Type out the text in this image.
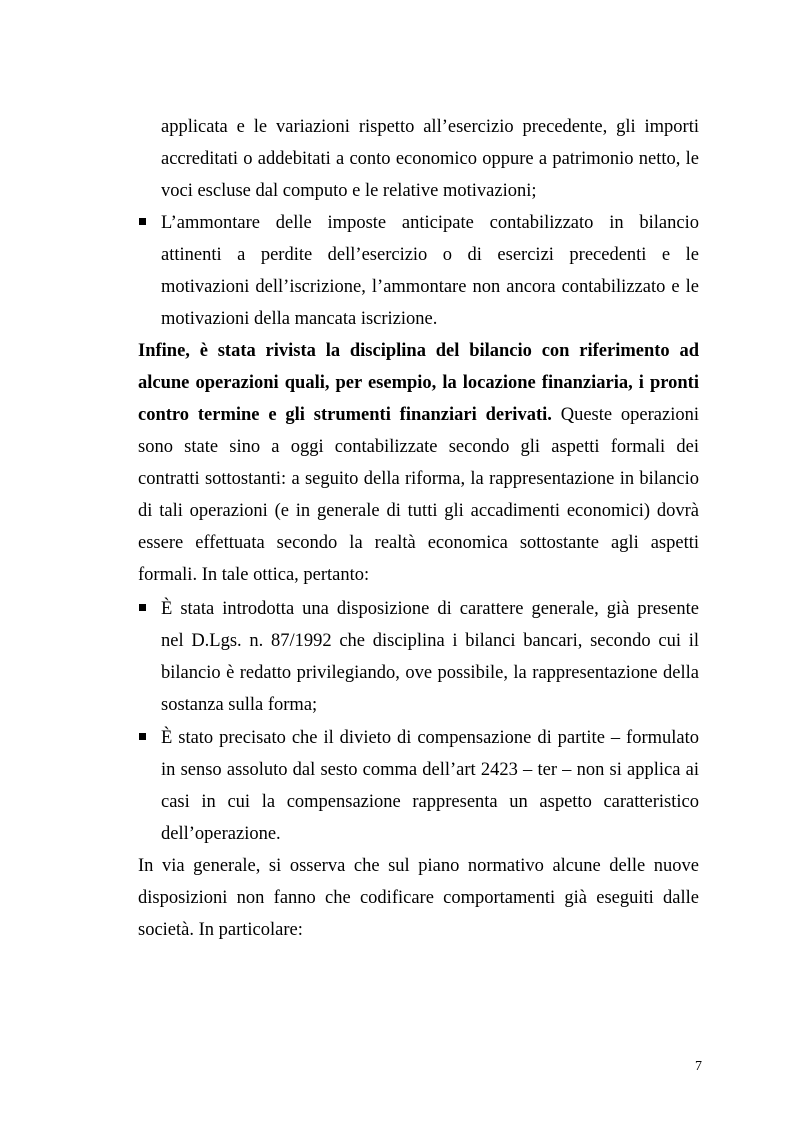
applicata e le variazioni rispetto all’esercizio precedente, gli importi
accreditati o addebitati a conto economico oppure a patrimonio netto, le
voci escluse dal computo e le relative motivazioni;
L’ammontare delle imposte anticipate contabilizzato in bilancio
attinenti a perdite dell’esercizio o di esercizi precedenti e le
motivazioni dell’iscrizione, l’ammontare non ancora contabilizzato e le
motivazioni della mancata iscrizione.
Infine, è stata rivista la disciplina del bilancio con riferimento ad
alcune operazioni quali, per esempio, la locazione finanziaria, i pronti
contro termine e gli strumenti finanziari derivati. Queste operazioni
sono state sino a oggi contabilizzate secondo gli aspetti formali dei
contratti sottostanti: a seguito della riforma, la rappresentazione in bilancio
di tali operazioni (e in generale di tutti gli accadimenti economici) dovrà
essere effettuata secondo la realtà economica sottostante agli aspetti
formali. In tale ottica, pertanto:
È stata introdotta una disposizione di carattere generale, già presente
nel D.Lgs. n. 87/1992 che disciplina i bilanci bancari, secondo cui il
bilancio è redatto privilegiando, ove possibile, la rappresentazione della
sostanza sulla forma;
È stato precisato che il divieto di compensazione di partite – formulato
in senso assoluto dal sesto comma dell’art 2423 – ter – non si applica ai
casi in cui la compensazione rappresenta un aspetto caratteristico
dell’operazione.
In via generale, si osserva che sul piano normativo alcune delle nuove
disposizioni non fanno che codificare comportamenti già eseguiti dalle
società. In particolare:
7
